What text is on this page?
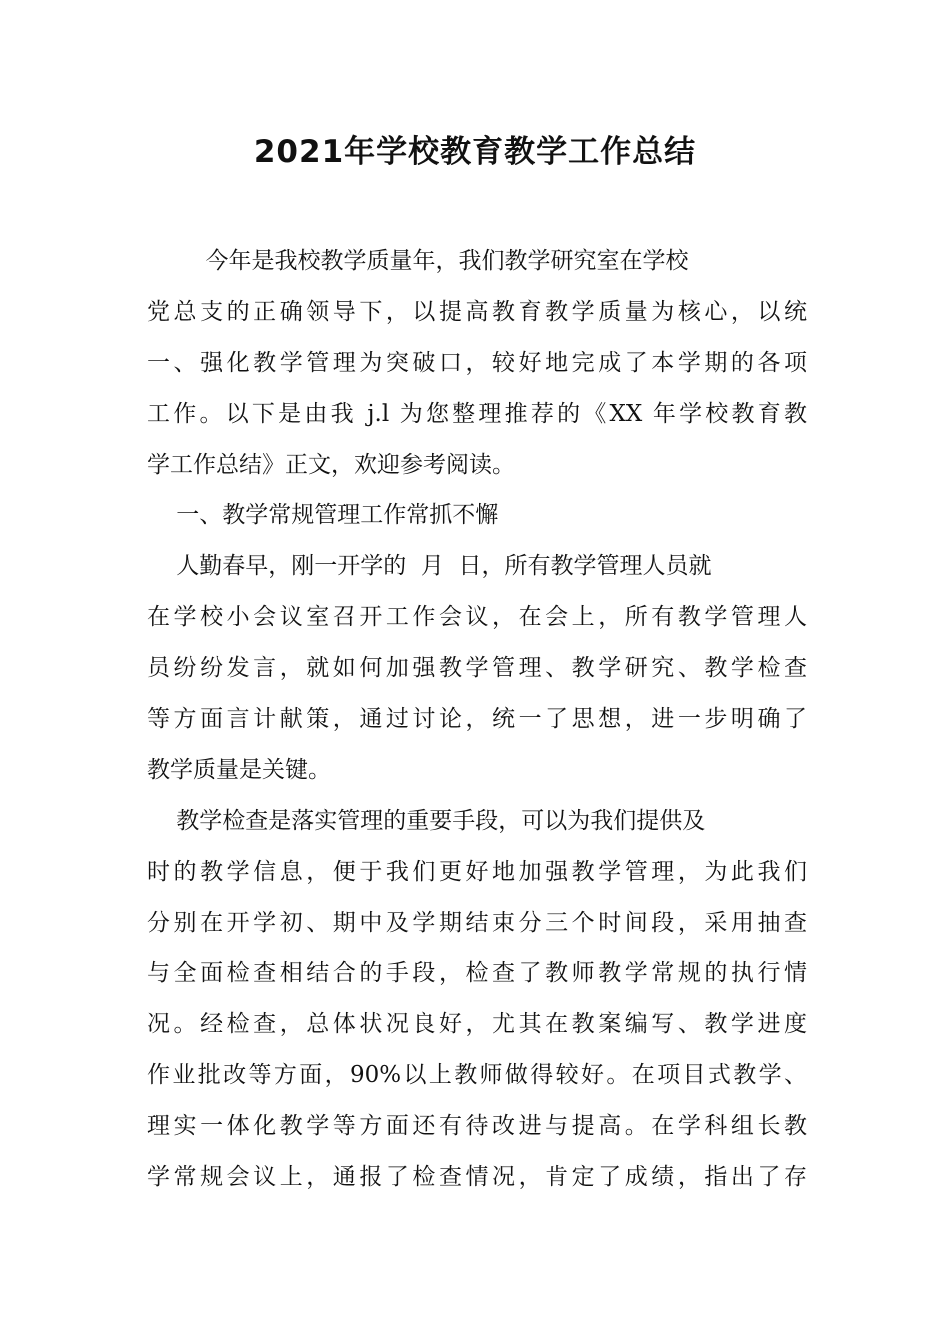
2021年学校教育教学工作总结
今年是我校教学质量年，我们教学研究室在学校
党总支的正确领导下，以提高教育教学质量为核心，以统
一、强化教学管理为突破口，较好地完成了本学期的各项
工作。以下是由我 j.l 为您整理推荐的《XX 年学校教育教
学工作总结》正文，欢迎参考阅读。
一、教学常规管理工作常抓不懈
人勤春早，刚一开学的  月  日，所有教学管理人员就
在学校小会议室召开工作会议，在会上，所有教学管理人
员纷纷发言，就如何加强教学管理、教学研究、教学检查
等方面言计献策，通过讨论，统一了思想，进一步明确了
教学质量是关键。
教学检查是落实管理的重要手段，可以为我们提供及
时的教学信息，便于我们更好地加强教学管理，为此我们
分别在开学初、期中及学期结束分三个时间段，采用抽查
与全面检查相结合的手段，检查了教师教学常规的执行情
况。经检查，总体状况良好，尤其在教案编写、教学进度
作业批改等方面，90%以上教师做得较好。在项目式教学、
理实一体化教学等方面还有待改进与提高。在学科组长教
学常规会议上，通报了检查情况，肯定了成绩，指出了存
